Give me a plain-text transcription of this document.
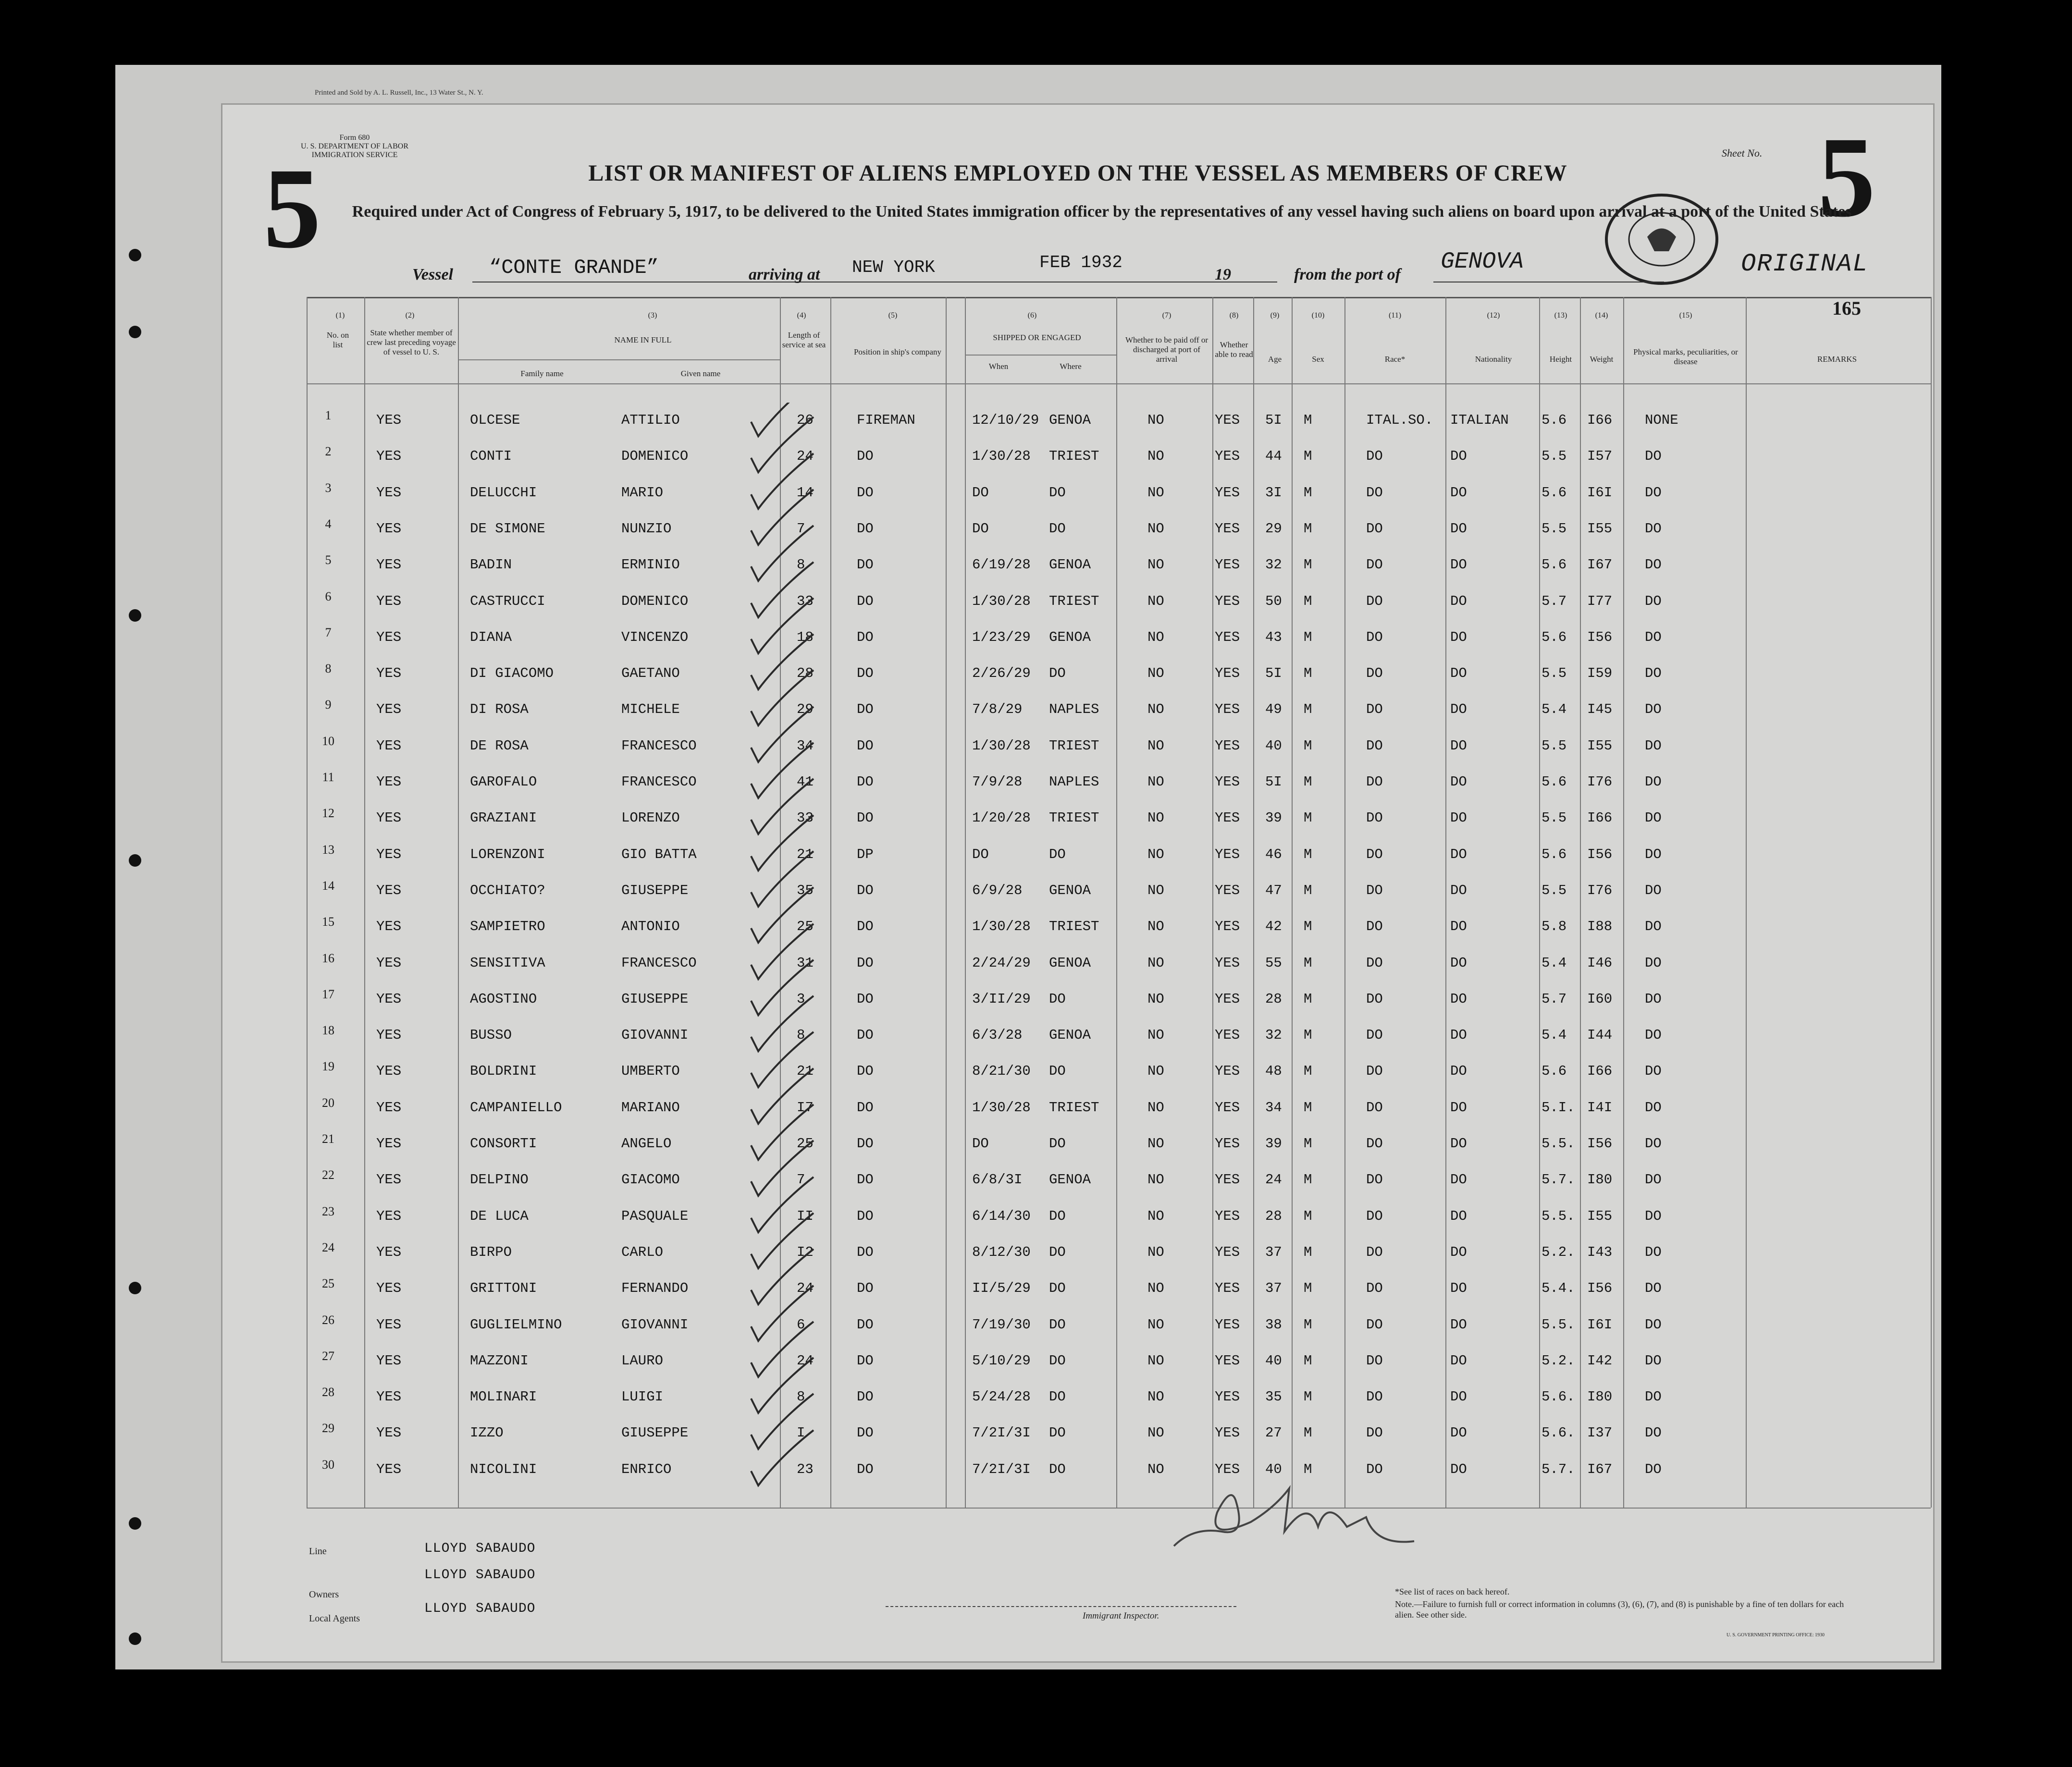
Printed and Sold by A. L. Russell, Inc., 13 Water St., N. Y.
5	5
Sheet No.
Form 680
U. S. DEPARTMENT OF LABOR
IMMIGRATION SERVICE
LIST OR MANIFEST OF ALIENS EMPLOYED ON THE VESSEL AS MEMBERS OF CREW
Required under Act of Congress of February 5, 1917, to be delivered to the United States immigration officer by the representatives of any vessel having such aliens on board upon arrival at a port of the United States
Vessel “CONTE GRANDE”	arriving at NEW YORK	FEB 1932
19	from the port of GENOVA	ORIGINAL
165
(1)	(2)	(3)	(4)	(5)	(6)	(7)	(8)	(9)	(10)	(11)	(12)	(13)	(14)	(15)
No. on list
State whether member of crew last preceding voyage of vessel to U. S.
NAME IN FULL
Family name	Given name
Length of service at sea
Position in ship's company
SHIPPED OR ENGAGED
When	Where
Whether to be paid off or discharged at port of arrival
Whether able to read
Age	Sex	Race*	Nationality	Height	Weight
Physical marks, peculiarities, or disease	REMARKS
1	YES	OLCESE	ATTILIO	26	FIREMAN	12/10/29 GENOA	NO	YES 5I M	ITAL.SO. ITALIAN 5.6 I66 NONE
2	YES	CONTI	DOMENICO	24	DO	1/30/28 TRIEST	NO	YES 44 M	DO	DO	5.5 I57 DO
3	YES	DELUCCHI	MARIO	14	DO	DO	DO	NO	YES 3I M	DO	DO	5.6 I6I DO
4	YES	DE SIMONE	NUNZIO	7	DO	DO	DO	NO	YES 29 M	DO	DO	5.5 I55 DO
5	YES	BADIN	ERMINIO	8	DO	6/19/28 GENOA	NO	YES 32 M	DO	DO	5.6 I67 DO
6	YES	CASTRUCCI	DOMENICO	33	DO	1/30/28 TRIEST	NO	YES 50 M	DO	DO	5.7 I77 DO
7	YES	DIANA	VINCENZO	18	DO	1/23/29 GENOA	NO	YES 43 M	DO	DO	5.6 I56 DO
8	YES	DI GIACOMO	GAETANO	28	DO	2/26/29 DO	NO	YES 5I M	DO	DO	5.5 I59 DO
9	YES	DI ROSA	MICHELE	29	DO	7/8/29 NAPLES	NO	YES 49 M	DO	DO	5.4 I45 DO
10	YES	DE ROSA	FRANCESCO	34	DO	1/30/28 TRIEST	NO	YES 40 M	DO	DO	5.5 I55 DO
11	YES	GAROFALO	FRANCESCO	41	DO	7/9/28 NAPLES	NO	YES 5I M	DO	DO	5.6 I76 DO
12	YES	GRAZIANI	LORENZO	33	DO	1/20/28 TRIEST	NO	YES 39 M	DO	DO	5.5 I66 DO
13	YES	LORENZONI	GIO BATTA	21	DP	DO	DO	NO	YES 46 M	DO	DO	5.6 I56 DO
14	YES	OCCHIATO?	GIUSEPPE	35	DO	6/9/28 GENOA	NO	YES 47 M	DO	DO	5.5 I76 DO
15	YES	SAMPIETRO	ANTONIO	25	DO	1/30/28 TRIEST	NO	YES 42 M	DO	DO	5.8 I88 DO
16	YES	SENSITIVA	FRANCESCO	31	DO	2/24/29 GENOA	NO	YES 55 M	DO	DO	5.4 I46 DO
17	YES	AGOSTINO	GIUSEPPE	3	DO	3/II/29 DO	NO	YES 28 M	DO	DO	5.7 I60 DO
18	YES	BUSSO	GIOVANNI	8	DO	6/3/28 GENOA	NO	YES 32 M	DO	DO	5.4 I44 DO
19	YES	BOLDRINI	UMBERTO	21	DO	8/21/30 DO	NO	YES 48 M	DO	DO	5.6 I66 DO
20	YES	CAMPANIELLO	MARIANO	I7	DO	1/30/28 TRIEST	NO	YES 34 M	DO	DO	5.I. I4I DO
21	YES	CONSORTI	ANGELO	25	DO	DO	DO	NO	YES 39 M	DO	DO	5.5. I56 DO
22	YES	DELPINO	GIACOMO	7	DO	6/8/3I GENOA	NO	YES 24 M	DO	DO	5.7. I80 DO
23	YES	DE LUCA	PASQUALE	II	DO	6/14/30 DO	NO	YES 28 M	DO	DO	5.5. I55 DO
24	YES	BIRPO	CARLO	I2	DO	8/12/30 DO	NO	YES 37 M	DO	DO	5.2. I43 DO
25	YES	GRITTONI	FERNANDO	24	DO	II/5/29 DO	NO	YES 37 M	DO	DO	5.4. I56 DO
26	YES	GUGLIELMINO	GIOVANNI	6	DO	7/19/30 DO	NO	YES 38 M	DO	DO	5.5. I6I DO
27	YES	MAZZONI	LAURO	24	DO	5/10/29 DO	NO	YES 40 M	DO	DO	5.2. I42 DO
28	YES	MOLINARI	LUIGI	8	DO	5/24/28 DO	NO	YES 35 M	DO	DO	5.6. I80 DO
29	YES	IZZO	GIUSEPPE	I	DO	7/2I/3I DO	NO	YES 27 M	DO	DO	5.6. I37 DO
30	YES	NICOLINI	ENRICO	23	DO	7/2I/3I DO	NO	YES 40 M	DO	DO	5.7. I67 DO
Line	LLOYD SABAUDO
Owners
LLOYD SABAUDO
Local Agents
LLOYD SABAUDO	Immigrant Inspector.
*See list of races on back hereof.
Note.—Failure to furnish full or correct information in columns (3), (6), (7), and (8) is punishable by a fine of ten dollars for each alien. See other side.
U. S. GOVERNMENT PRINTING OFFICE: 1930
